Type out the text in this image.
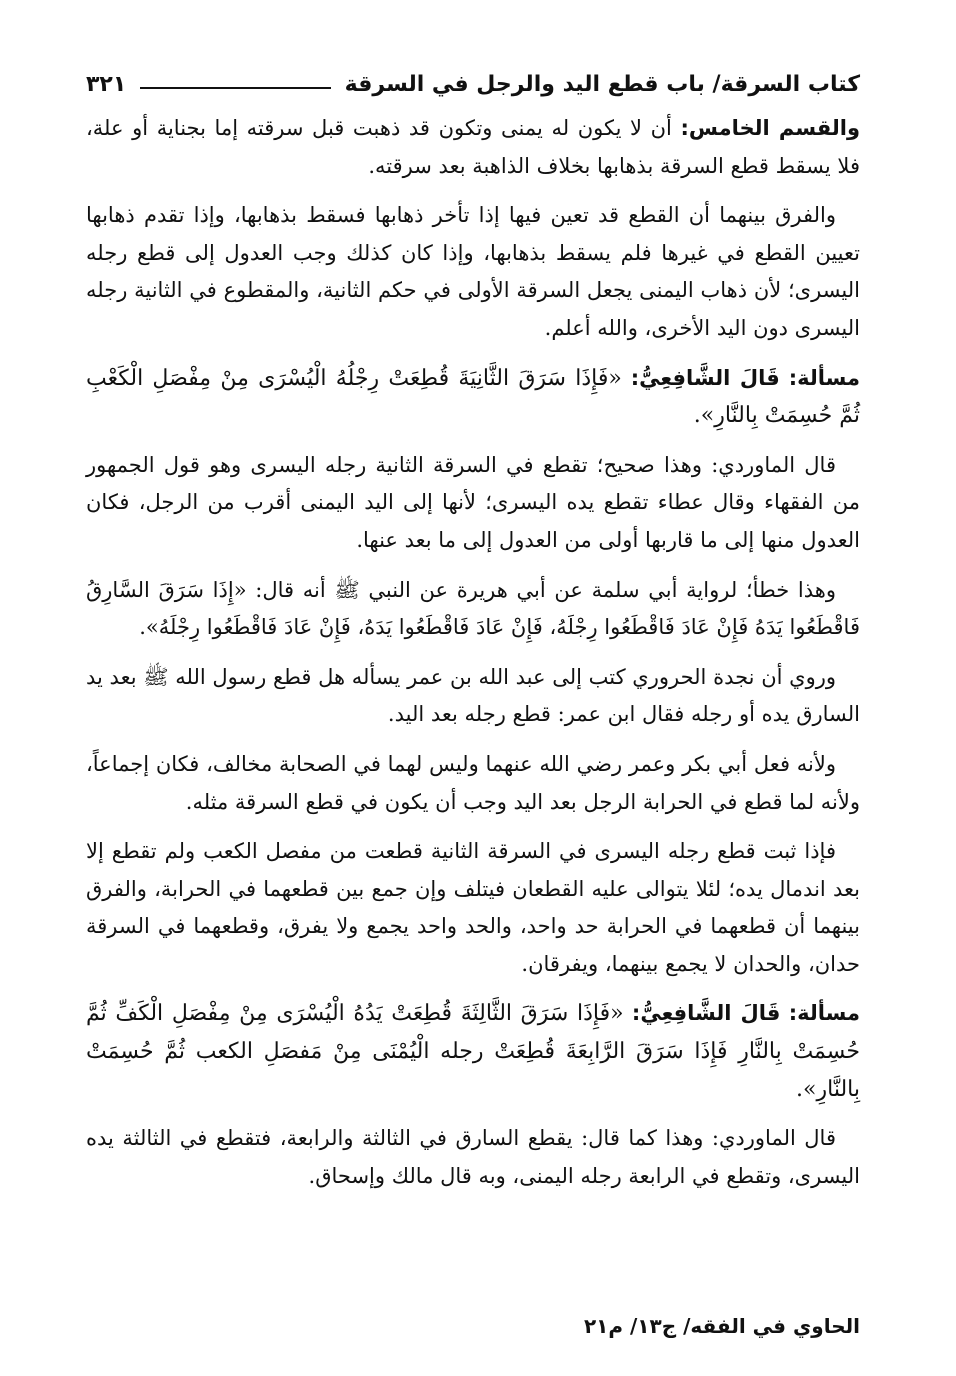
كتاب السرقة/ باب قطع اليد والرجل في السرقة
٣٢١

والقسم الخامس: أن لا يكون له يمنى وتكون قد ذهبت قبل سرقته إما بجناية أو علة، فلا يسقط قطع السرقة بذهابها بخلاف الذاهبة بعد سرقته.

والفرق بينهما أن القطع قد تعين فيها إذا تأخر ذهابها فسقط بذهابها، وإذا تقدم ذهابها تعيين القطع في غيرها فلم يسقط بذهابها، وإذا كان كذلك وجب العدول إلى قطع رجله اليسرى؛ لأن ذهاب اليمنى يجعل السرقة الأولى في حكم الثانية، والمقطوع في الثانية رجله اليسرى دون اليد الأخرى، والله أعلم.

مسألة: قَالَ الشَّافِعِيُّ: «فَإِذَا سَرَقَ الثَّانِيَةَ قُطِعَتْ رِجْلُهُ الْيُسْرَى مِنْ مِفْصَلِ الْكَعْبِ ثُمَّ حُسِمَتْ بِالنَّارِ».

قال الماوردي: وهذا صحيح؛ تقطع في السرقة الثانية رجله اليسرى وهو قول الجمهور من الفقهاء وقال عطاء تقطع يده اليسرى؛ لأنها إلى اليد اليمنى أقرب من الرجل، فكان العدول منها إلى ما قاربها أولى من العدول إلى ما بعد عنها.

وهذا خطأ؛ لرواية أبي سلمة عن أبي هريرة عن النبي ﷺ أنه قال: «إِذَا سَرَقَ السَّارِقُ فَاقْطَعُوا يَدَهُ فَإِنْ عَادَ فَاقْطَعُوا رِجْلَهُ، فَإِنْ عَادَ فَاقْطَعُوا يَدَهُ، فَإِنْ عَادَ فَاقْطَعُوا رِجْلَهُ».

وروي أن نجدة الحروري كتب إلى عبد الله بن عمر يسأله هل قطع رسول الله ﷺ بعد يد السارق يده أو رجله فقال ابن عمر: قطع رجله بعد اليد.

ولأنه فعل أبي بكر وعمر رضي الله عنهما وليس لهما في الصحابة مخالف، فكان إجماعاً، ولأنه لما قطع في الحرابة الرجل بعد اليد وجب أن يكون في قطع السرقة مثله.

فإذا ثبت قطع رجله اليسرى في السرقة الثانية قطعت من مفصل الكعب ولم تقطع إلا بعد اندمال يده؛ لئلا يتوالى عليه القطعان فيتلف وإن جمع بين قطعهما في الحرابة، والفرق بينهما أن قطعهما في الحرابة حد واحد، والحد واحد يجمع ولا يفرق، وقطعهما في السرقة حدان، والحدان لا يجمع بينهما، ويفرقان.

مسألة: قَالَ الشَّافِعِيُّ: «فَإِذَا سَرَقَ الثَّالِثَةَ قُطِعَتْ يَدُهُ الْيُسْرَى مِنْ مِفْصَلِ الْكَفِّ ثُمَّ حُسِمَتْ بِالنَّارِ فَإِذَا سَرَقَ الرَّابِعَةَ قُطِعَتْ رجله الْيُمْنَى مِنْ مَفصَلِ الكعب ثُمَّ حُسِمَتْ بِالنَّارِ».

قال الماوردي: وهذا كما قال: يقطع السارق في الثالثة والرابعة، فتقطع في الثالثة يده اليسرى، وتقطع في الرابعة رجله اليمنى، وبه قال مالك وإسحاق.

الحاوي في الفقه/ ج١٣/ م٢١
